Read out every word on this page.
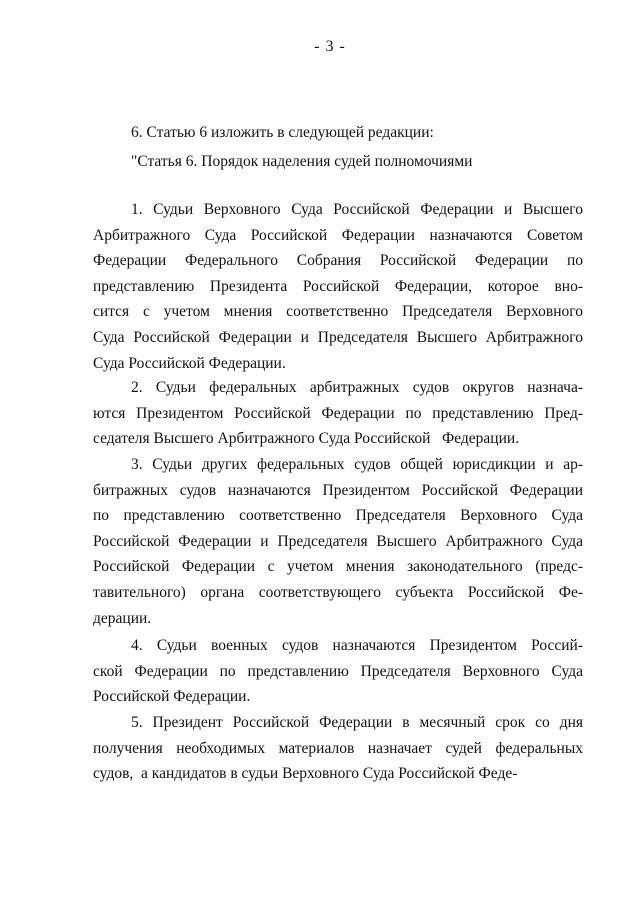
- 3 -
6. Статью 6 изложить в следующей редакции:
"Статья 6. Порядок наделения судей полномочиями
1. Судьи Верховного Суда Российской Федерации и Высшего
Арбитражного Суда Российской Федерации назначаются Советом
Федерации Федерального Собрания Российской Федерации по
представлению Президента Российской Федерации, которое вно-
сится с учетом мнения соответственно Председателя Верховного
Суда Российской Федерации и Председателя Высшего Арбитражного
Суда Российской Федерации.
2. Судьи федеральных арбитражных судов округов назнача-
ются Президентом Российской Федерации по представлению Пред-
седателя Высшего Арбитражного Суда Российской   Федерации.
3. Судьи других федеральных судов общей юрисдикции и ар-
битражных судов назначаются Президентом Российской Федерации
по представлению соответственно Председателя Верховного Суда
Российской Федерации и Председателя Высшего Арбитражного Суда
Российской Федерации с учетом мнения законодательного (предс-
тавительного) органа соответствующего субъекта Российской Фе-
дерации.
4. Судьи военных судов назначаются Президентом Россий-
ской Федерации по представлению Председателя Верховного Суда
Российской Федерации.
5. Президент Российской Федерации в месячный срок со дня
получения необходимых материалов назначает судей федеральных
судов,  а кандидатов в судьи Верховного Суда Российской Феде-
